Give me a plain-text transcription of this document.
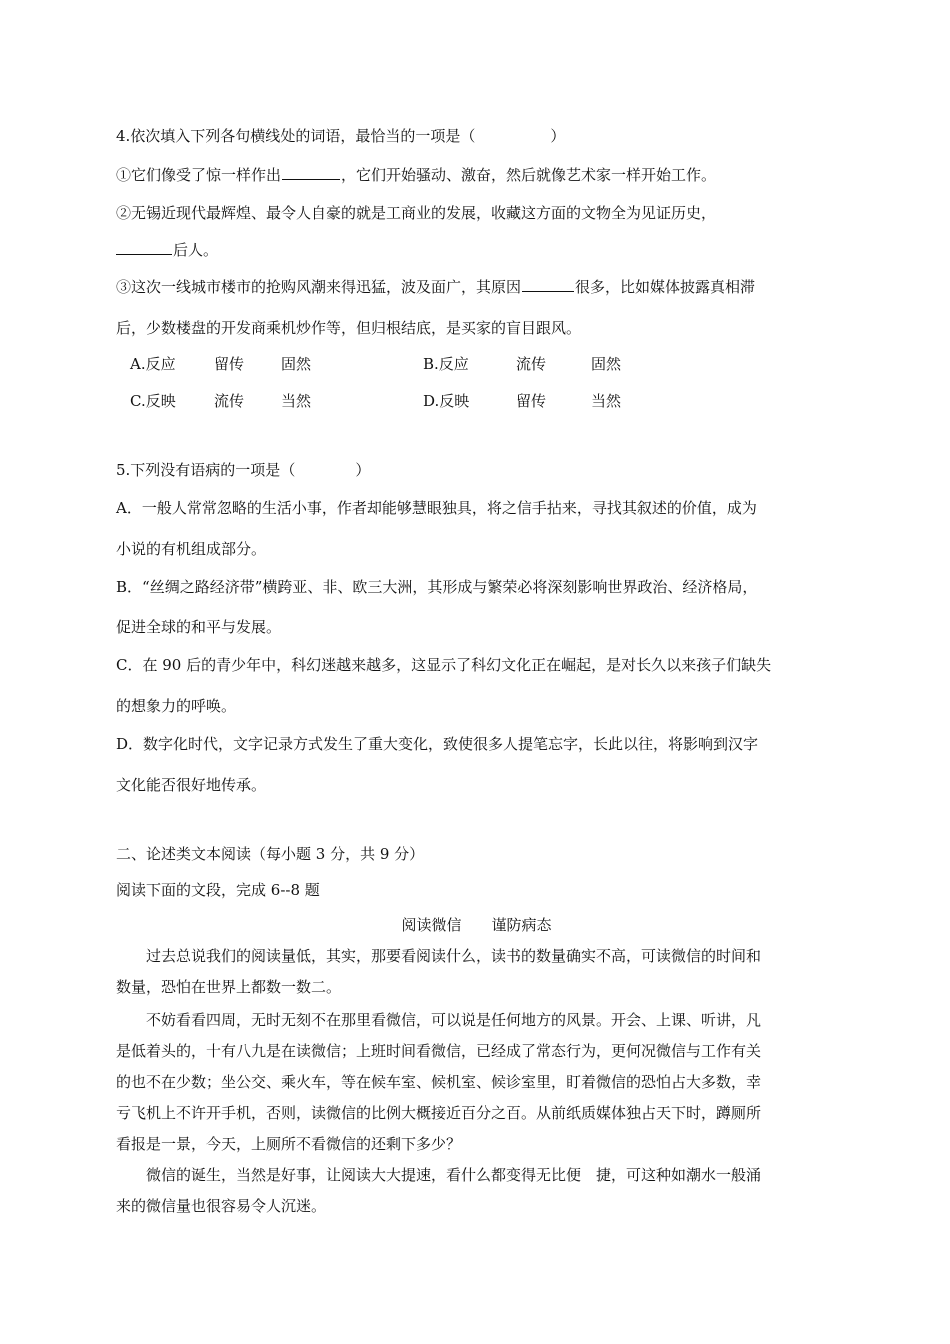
4.依次填入下列各句横线处的词语，最恰当的一项是（　　　　　）
①它们像受了惊一样作出	，它们开始骚动、激奋，然后就像艺术家一样开始工作。
②无锡近现代最辉煌、最令人自豪的就是工商业的发展，收藏这方面的文物全为见证历史，
后人。
③这次一线城市楼市的抢购风潮来得迅猛，波及面广，其原因	很多，比如媒体披露真相滞
后，少数楼盘的开发商乘机炒作等，但归根结底，是买家的盲目跟风。
A.反应	留传 固然	B.反应	流传	固然
C.反映	流传 当然	D.反映	留传	当然
5.下列没有语病的一项是（　　　　）
A．一般人常常忽略的生活小事，作者却能够慧眼独具，将之信手拈来，寻找其叙述的价值，成为
小说的有机组成部分。
B．“丝绸之路经济带”横跨亚、非、欧三大洲，其形成与繁荣必将深刻影响世界政治、经济格局，
促进全球的和平与发展。
C．在 90 后的青少年中，科幻迷越来越多，这显示了科幻文化正在崛起，是对长久以来孩子们缺失
的想象力的呼唤。
D．数字化时代，文字记录方式发生了重大变化，致使很多人提笔忘字，长此以往，将影响到汉字
文化能否很好地传承。
二、论述类文本阅读（每小题 3 分，共 9 分）
阅读下面的文段，完成 6--8 题
阅读微信　　谨防病态
过去总说我们的阅读量低，其实，那要看阅读什么，读书的数量确实不高，可读微信的时间和
数量，恐怕在世界上都数一数二。
不妨看看四周，无时无刻不在那里看微信，可以说是任何地方的风景。开会、上课、听讲，凡
是低着头的，十有八九是在读微信；上班时间看微信，已经成了常态行为，更何况微信与工作有关
的也不在少数；坐公交、乘火车，等在候车室、候机室、候诊室里，盯着微信的恐怕占大多数，幸
亏飞机上不许开手机，否则，读微信的比例大概接近百分之百。从前纸质媒体独占天下时，蹲厕所
看报是一景，今天，上厕所不看微信的还剩下多少？
微信的诞生，当然是好事，让阅读大大提速，看什么都变得无比便　捷，可这种如潮水一般涌
来的微信量也很容易令人沉迷。
